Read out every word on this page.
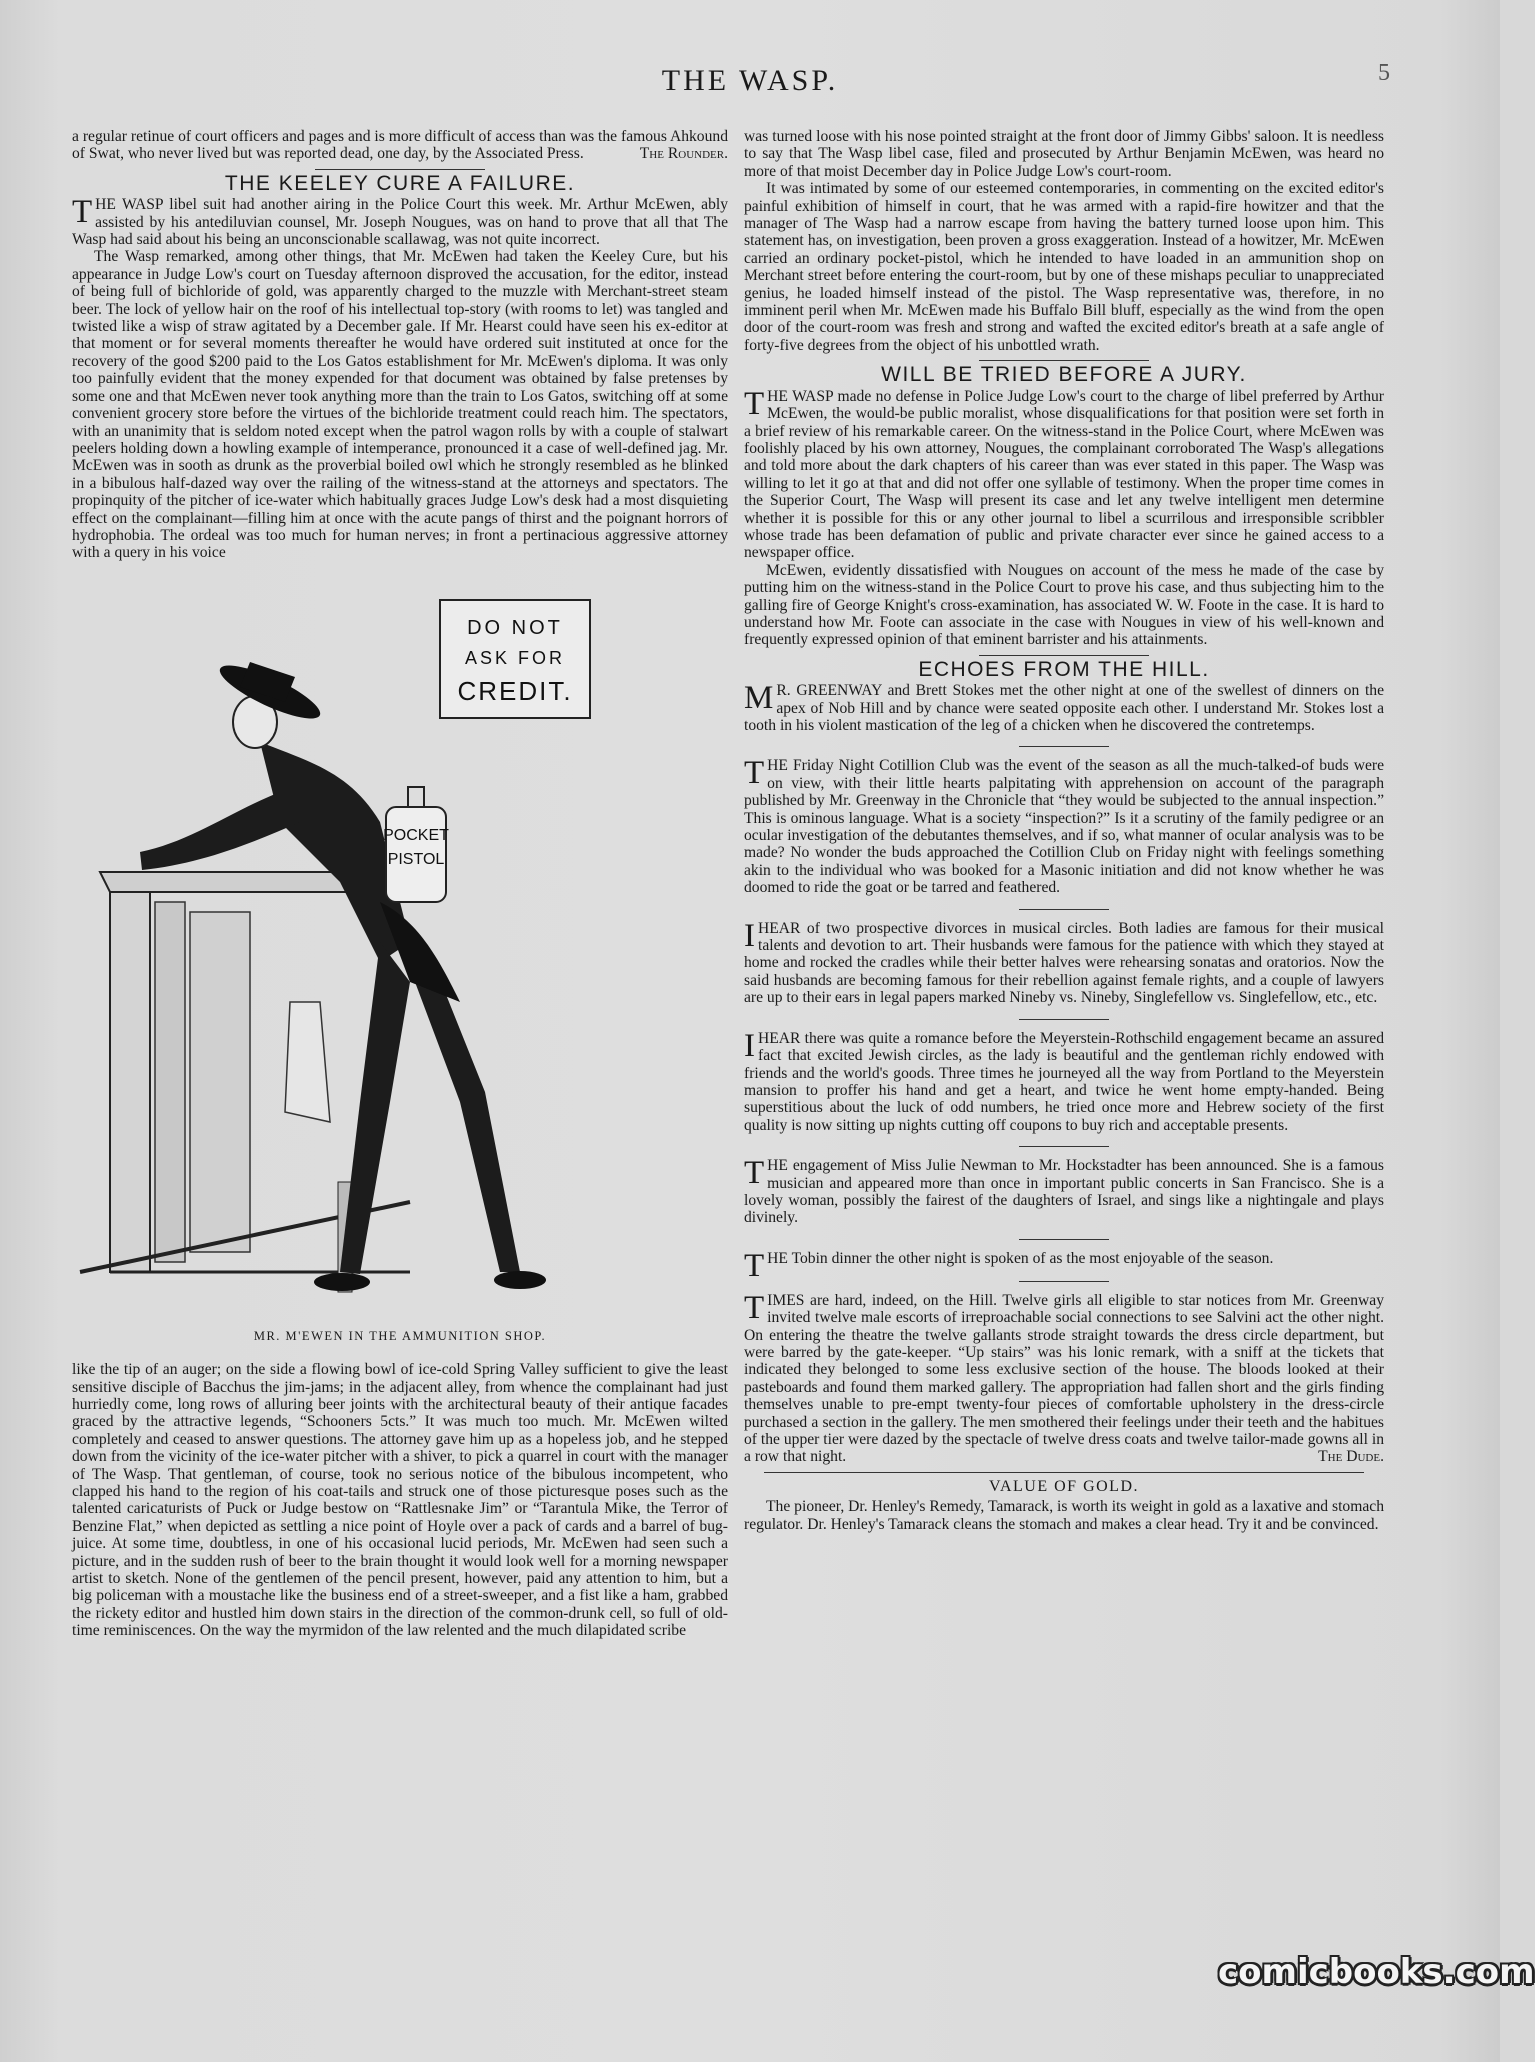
THE WASP.	5

a regular retinue of court officers and pages and is more difficult of access than was the famous Ahkound of Swat, who never lived but was reported dead, one day, by the Associated Press.	The Rounder.

THE KEELEY CURE A FAILURE.

THE WASP libel suit had another airing in the Police Court this week. Mr. Arthur McEwen, ably assisted by his antediluvian counsel, Mr. Joseph Nougues, was on hand to prove that all that The Wasp had said about his being an unconscionable scallawag, was not quite incorrect.

The Wasp remarked, among other things, that Mr. McEwen had taken the Keeley Cure, but his appearance in Judge Low's court on Tuesday afternoon disproved the accusation, for the editor, instead of being full of bichloride of gold, was apparently charged to the muzzle with Merchant-street steam beer. The lock of yellow hair on the roof of his intellectual top-story (with rooms to let) was tangled and twisted like a wisp of straw agitated by a December gale. If Mr. Hearst could have seen his ex-editor at that moment or for several moments thereafter he would have ordered suit instituted at once for the recovery of the good $200 paid to the Los Gatos establishment for Mr. McEwen's diploma. It was only too painfully evident that the money expended for that document was obtained by false pretenses by some one and that McEwen never took anything more than the train to Los Gatos, switching off at some convenient grocery store before the virtues of the bichloride treatment could reach him. The spectators, with an unanimity that is seldom noted except when the patrol wagon rolls by with a couple of stalwart peelers holding down a howling example of intemperance, pronounced it a case of well-defined jag. Mr. McEwen was in sooth as drunk as the proverbial boiled owl which he strongly resembled as he blinked in a bibulous half-dazed way over the railing of the witness-stand at the attorneys and spectators. The propinquity of the pitcher of ice-water which habitually graces Judge Low's desk had a most disquieting effect on the complainant—filling him at once with the acute pangs of thirst and the poignant horrors of hydrophobia. The ordeal was too much for human nerves; in front a pertinacious aggressive attorney with a query in his voice

DO NOT
ASK FOR
CREDIT.
POCKET
PISTOL
MR. M'EWEN IN THE AMMUNITION SHOP.

like the tip of an auger; on the side a flowing bowl of ice-cold Spring Valley sufficient to give the least sensitive disciple of Bacchus the jim-jams; in the adjacent alley, from whence the complainant had just hurriedly come, long rows of alluring beer joints with the architectural beauty of their antique facades graced by the attractive legends, “Schooners 5cts.” It was much too much. Mr. McEwen wilted completely and ceased to answer questions. The attorney gave him up as a hopeless job, and he stepped down from the vicinity of the ice-water pitcher with a shiver, to pick a quarrel in court with the manager of The Wasp. That gentleman, of course, took no serious notice of the bibulous incompetent, who clapped his hand to the region of his coat-tails and struck one of those picturesque poses such as the talented caricaturists of Puck or Judge bestow on “Rattlesnake Jim” or “Tarantula Mike, the Terror of Benzine Flat,” when depicted as settling a nice point of Hoyle over a pack of cards and a barrel of bug-juice. At some time, doubtless, in one of his occasional lucid periods, Mr. McEwen had seen such a picture, and in the sudden rush of beer to the brain thought it would look well for a morning newspaper artist to sketch. None of the gentlemen of the pencil present, however, paid any attention to him, but a big policeman with a moustache like the business end of a street-sweeper, and a fist like a ham, grabbed the rickety editor and hustled him down stairs in the direction of the common-drunk cell, so full of old-time reminiscences. On the way the myrmidon of the law relented and the much dilapidated scribe

was turned loose with his nose pointed straight at the front door of Jimmy Gibbs' saloon. It is needless to say that The Wasp libel case, filed and prosecuted by Arthur Benjamin McEwen, was heard no more of that moist December day in Police Judge Low's court-room.

It was intimated by some of our esteemed contemporaries, in commenting on the excited editor's painful exhibition of himself in court, that he was armed with a rapid-fire howitzer and that the manager of The Wasp had a narrow escape from having the battery turned loose upon him. This statement has, on investigation, been proven a gross exaggeration. Instead of a howitzer, Mr. McEwen carried an ordinary pocket-pistol, which he intended to have loaded in an ammunition shop on Merchant street before entering the court-room, but by one of these mishaps peculiar to unappreciated genius, he loaded himself instead of the pistol. The Wasp representative was, therefore, in no imminent peril when Mr. McEwen made his Buffalo Bill bluff, especially as the wind from the open door of the court-room was fresh and strong and wafted the excited editor's breath at a safe angle of forty-five degrees from the object of his unbottled wrath.

WILL BE TRIED BEFORE A JURY.

THE WASP made no defense in Police Judge Low's court to the charge of libel preferred by Arthur McEwen, the would-be public moralist, whose disqualifications for that position were set forth in a brief review of his remarkable career. On the witness-stand in the Police Court, where McEwen was foolishly placed by his own attorney, Nougues, the complainant corroborated The Wasp's allegations and told more about the dark chapters of his career than was ever stated in this paper. The Wasp was willing to let it go at that and did not offer one syllable of testimony. When the proper time comes in the Superior Court, The Wasp will present its case and let any twelve intelligent men determine whether it is possible for this or any other journal to libel a scurrilous and irresponsible scribbler whose trade has been defamation of public and private character ever since he gained access to a newspaper office.

McEwen, evidently dissatisfied with Nougues on account of the mess he made of the case by putting him on the witness-stand in the Police Court to prove his case, and thus subjecting him to the galling fire of George Knight's cross-examination, has associated W. W. Foote in the case. It is hard to understand how Mr. Foote can associate in the case with Nougues in view of his well-known and frequently expressed opinion of that eminent barrister and his attainments.

ECHOES FROM THE HILL.

M R. GREENWAY and Brett Stokes met the other night at one of the swellest of dinners on the apex of Nob Hill and by chance were seated opposite each other. I understand Mr. Stokes lost a tooth in his violent mastication of the leg of a chicken when he discovered the contretemps.

THE Friday Night Cotillion Club was the event of the season as all the much-talked-of buds were on view, with their little hearts palpitating with apprehension on account of the paragraph published by Mr. Greenway in the Chronicle that “they would be subjected to the annual inspection.” This is ominous language. What is a society “inspection?” Is it a scrutiny of the family pedigree or an ocular investigation of the debutantes themselves, and if so, what manner of ocular analysis was to be made? No wonder the buds approached the Cotillion Club on Friday night with feelings something akin to the individual who was booked for a Masonic initiation and did not know whether he was doomed to ride the goat or be tarred and feathered.

IHEAR of two prospective divorces in musical circles. Both ladies are famous for their musical talents and devotion to art. Their husbands were famous for the patience with which they stayed at home and rocked the cradles while their better halves were rehearsing sonatas and oratorios. Now the said husbands are becoming famous for their rebellion against female rights, and a couple of lawyers are up to their ears in legal papers marked Nineby vs. Nineby, Singlefellow vs. Singlefellow, etc., etc.

IHEAR there was quite a romance before the Meyerstein-Rothschild engagement became an assured fact that excited Jewish circles, as the lady is beautiful and the gentleman richly endowed with friends and the world's goods. Three times he journeyed all the way from Portland to the Meyerstein mansion to proffer his hand and get a heart, and twice he went home empty-handed. Being superstitious about the luck of odd numbers, he tried once more and Hebrew society of the first quality is now sitting up nights cutting off coupons to buy rich and acceptable presents.

THE engagement of Miss Julie Newman to Mr. Hockstadter has been announced. She is a famous musician and appeared more than once in important public concerts in San Francisco. She is a lovely woman, possibly the fairest of the daughters of Israel, and sings like a nightingale and plays divinely.

THE Tobin dinner the other night is spoken of as the most enjoyable of the season.

TIMES are hard, indeed, on the Hill. Twelve girls all eligible to star notices from Mr. Greenway invited twelve male escorts of irreproachable social connections to see Salvini act the other night. On entering the theatre the twelve gallants strode straight towards the dress circle department, but were barred by the gate-keeper. “Up stairs” was his lonic remark, with a sniff at the tickets that indicated they belonged to some less exclusive section of the house. The bloods looked at their pasteboards and found them marked gallery. The appropriation had fallen short and the girls finding themselves unable to pre-empt twenty-four pieces of comfortable upholstery in the dress-circle purchased a section in the gallery. The men smothered their feelings under their teeth and the habitues of the upper tier were dazed by the spectacle of twelve dress coats and twelve tailor-made gowns all in a row that night.	The Dude.

VALUE OF GOLD.

The pioneer, Dr. Henley's Remedy, Tamarack, is worth its weight in gold as a laxative and stomach regulator. Dr. Henley's Tamarack cleans the stomach and makes a clear head. Try it and be convinced.

comicbooks.com
